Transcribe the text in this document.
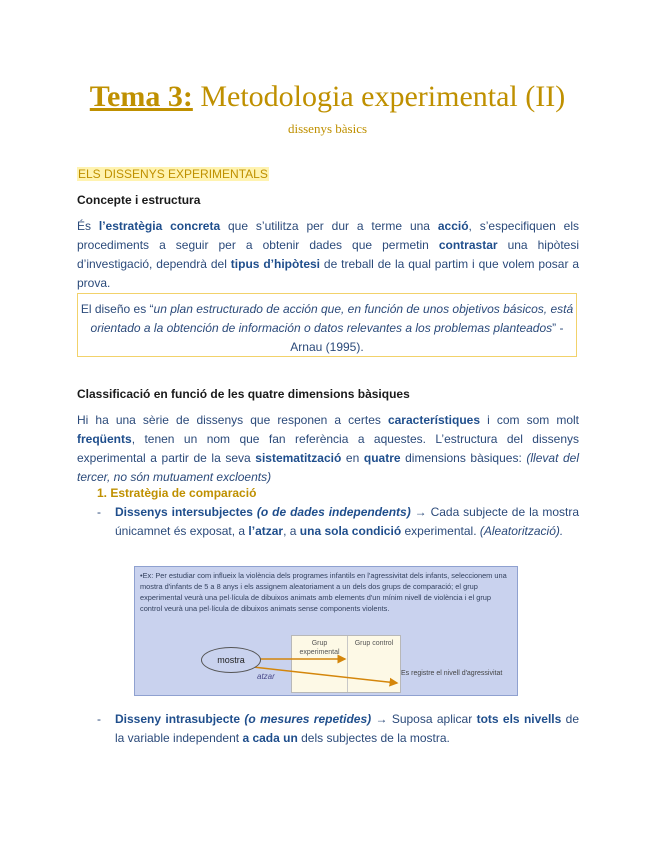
Tema 3: Metodologia experimental (II)
dissenys bàsics
ELS DISSENYS EXPERIMENTALS
Concepte i estructura
És l’estratègia concreta que s’utilitza per dur a terme una acció, s’especifiquen els procediments a seguir per a obtenir dades que permetin contrastar una hipòtesi d’investigació, dependrà del tipus d’hipòtesi de treball de la qual partim i que volem posar a prova.
El diseño es “un plan estructurado de acción que, en función de unos objetivos básicos, está orientado a la obtención de información o datos relevantes a los problemas planteados” - Arnau (1995).
Classificació en funció de les quatre dimensions bàsiques
Hi ha una sèrie de dissenys que responen a certes característiques i com som molt freqüents, tenen un nom que fan referència a aquestes. L’estructura del dissenys experimental a partir de la seva sistematització en quatre dimensions bàsiques: (llevat del tercer, no són mutuament excloents)
1. Estratègia de comparació
- Dissenys intersubjectes (o de dades independents) → Cada subjecte de la mostra únicamnet és exposat, a l’atzar, a una sola condició experimental. (Aleatorització).
•Ex: Per estudiar com influeix la violència dels programes infantils en l'agressivitat dels infants, seleccionem una mostra d'infants de 5 a 8 anys i els assignem aleatoriament a un dels dos grups de comparació; el grup experimental veurà una pel·lícula de dibuixos animats amb elements d'un mínim nivell de violència i el grup control veurà una pel·lícula de dibuixos animats sense components violents.
Grup experimental
Grup control
mostra
atzar	Es registre el nivell d'agressivitat
- Disseny intrasubjecte (o mesures repetides) → Suposa aplicar tots els nivells de la variable independent a cada un dels subjectes de la mostra.
